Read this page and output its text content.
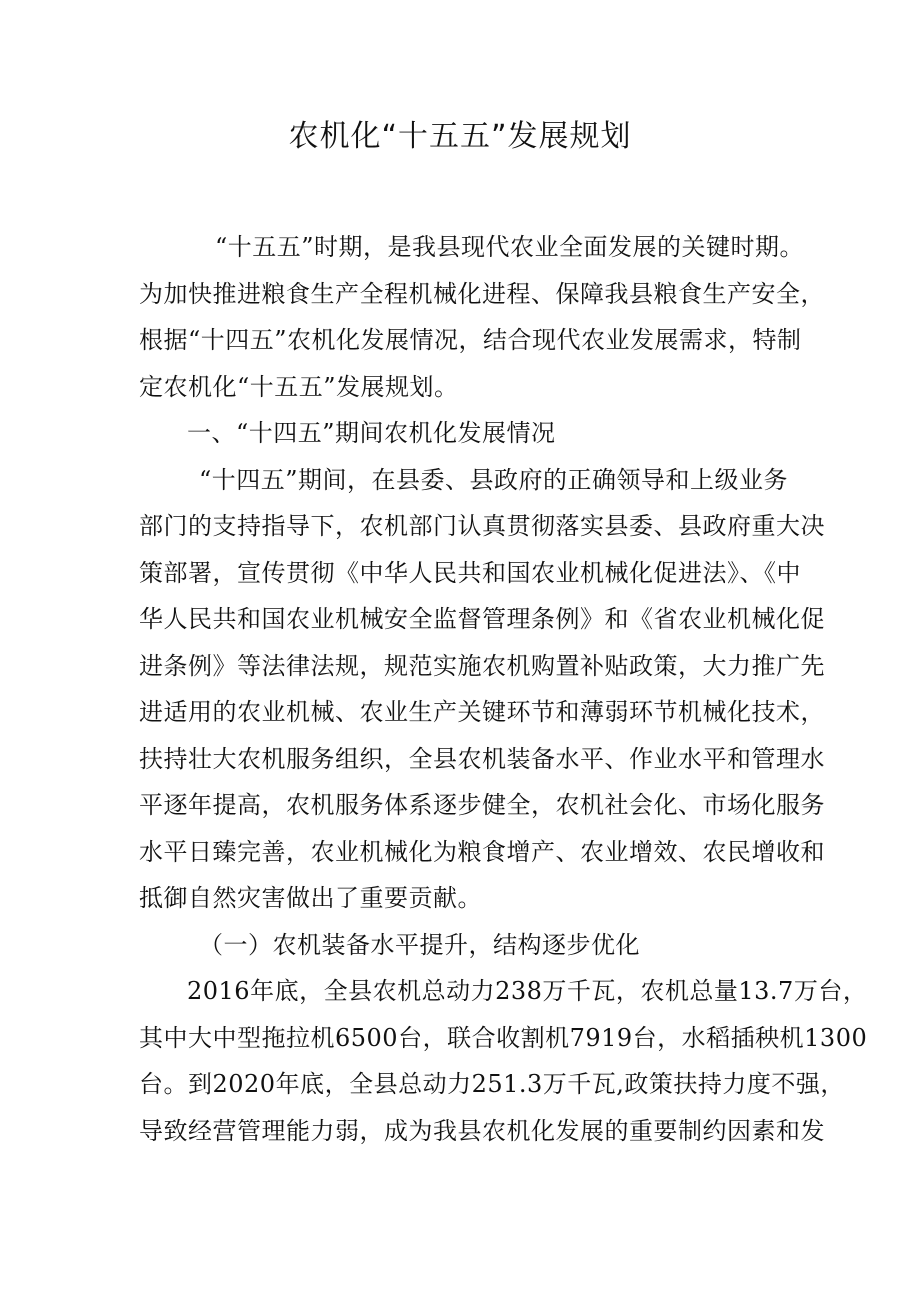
农机化“十五五”发展规划
“十五五”时期，是我县现代农业全面发展的关键时期。
为加快推进粮食生产全程机械化进程、保障我县粮食生产安全，
根据“十四五”农机化发展情况，结合现代农业发展需求，特制
定农机化“十五五”发展规划。
一、“十四五”期间农机化发展情况
“十四五”期间，在县委、县政府的正确领导和上级业务
部门的支持指导下，农机部门认真贯彻落实县委、县政府重大决
策部署，宣传贯彻《中华人民共和国农业机械化促进法》、《中
华人民共和国农业机械安全监督管理条例》和《省农业机械化促
进条例》等法律法规，规范实施农机购置补贴政策，大力推广先
进适用的农业机械、农业生产关键环节和薄弱环节机械化技术，
扶持壮大农机服务组织，全县农机装备水平、作业水平和管理水
平逐年提高，农机服务体系逐步健全，农机社会化、市场化服务
水平日臻完善，农业机械化为粮食增产、农业增效、农民增收和
抵御自然灾害做出了重要贡献。
（一）农机装备水平提升，结构逐步优化
2016年底，全县农机总动力238万千瓦，农机总量13.7万台，
其中大中型拖拉机6500台，联合收割机7919台，水稻插秧机1300
台。到2020年底，全县总动力251.3万千瓦,政策扶持力度不强，
导致经营管理能力弱，成为我县农机化发展的重要制约因素和发
